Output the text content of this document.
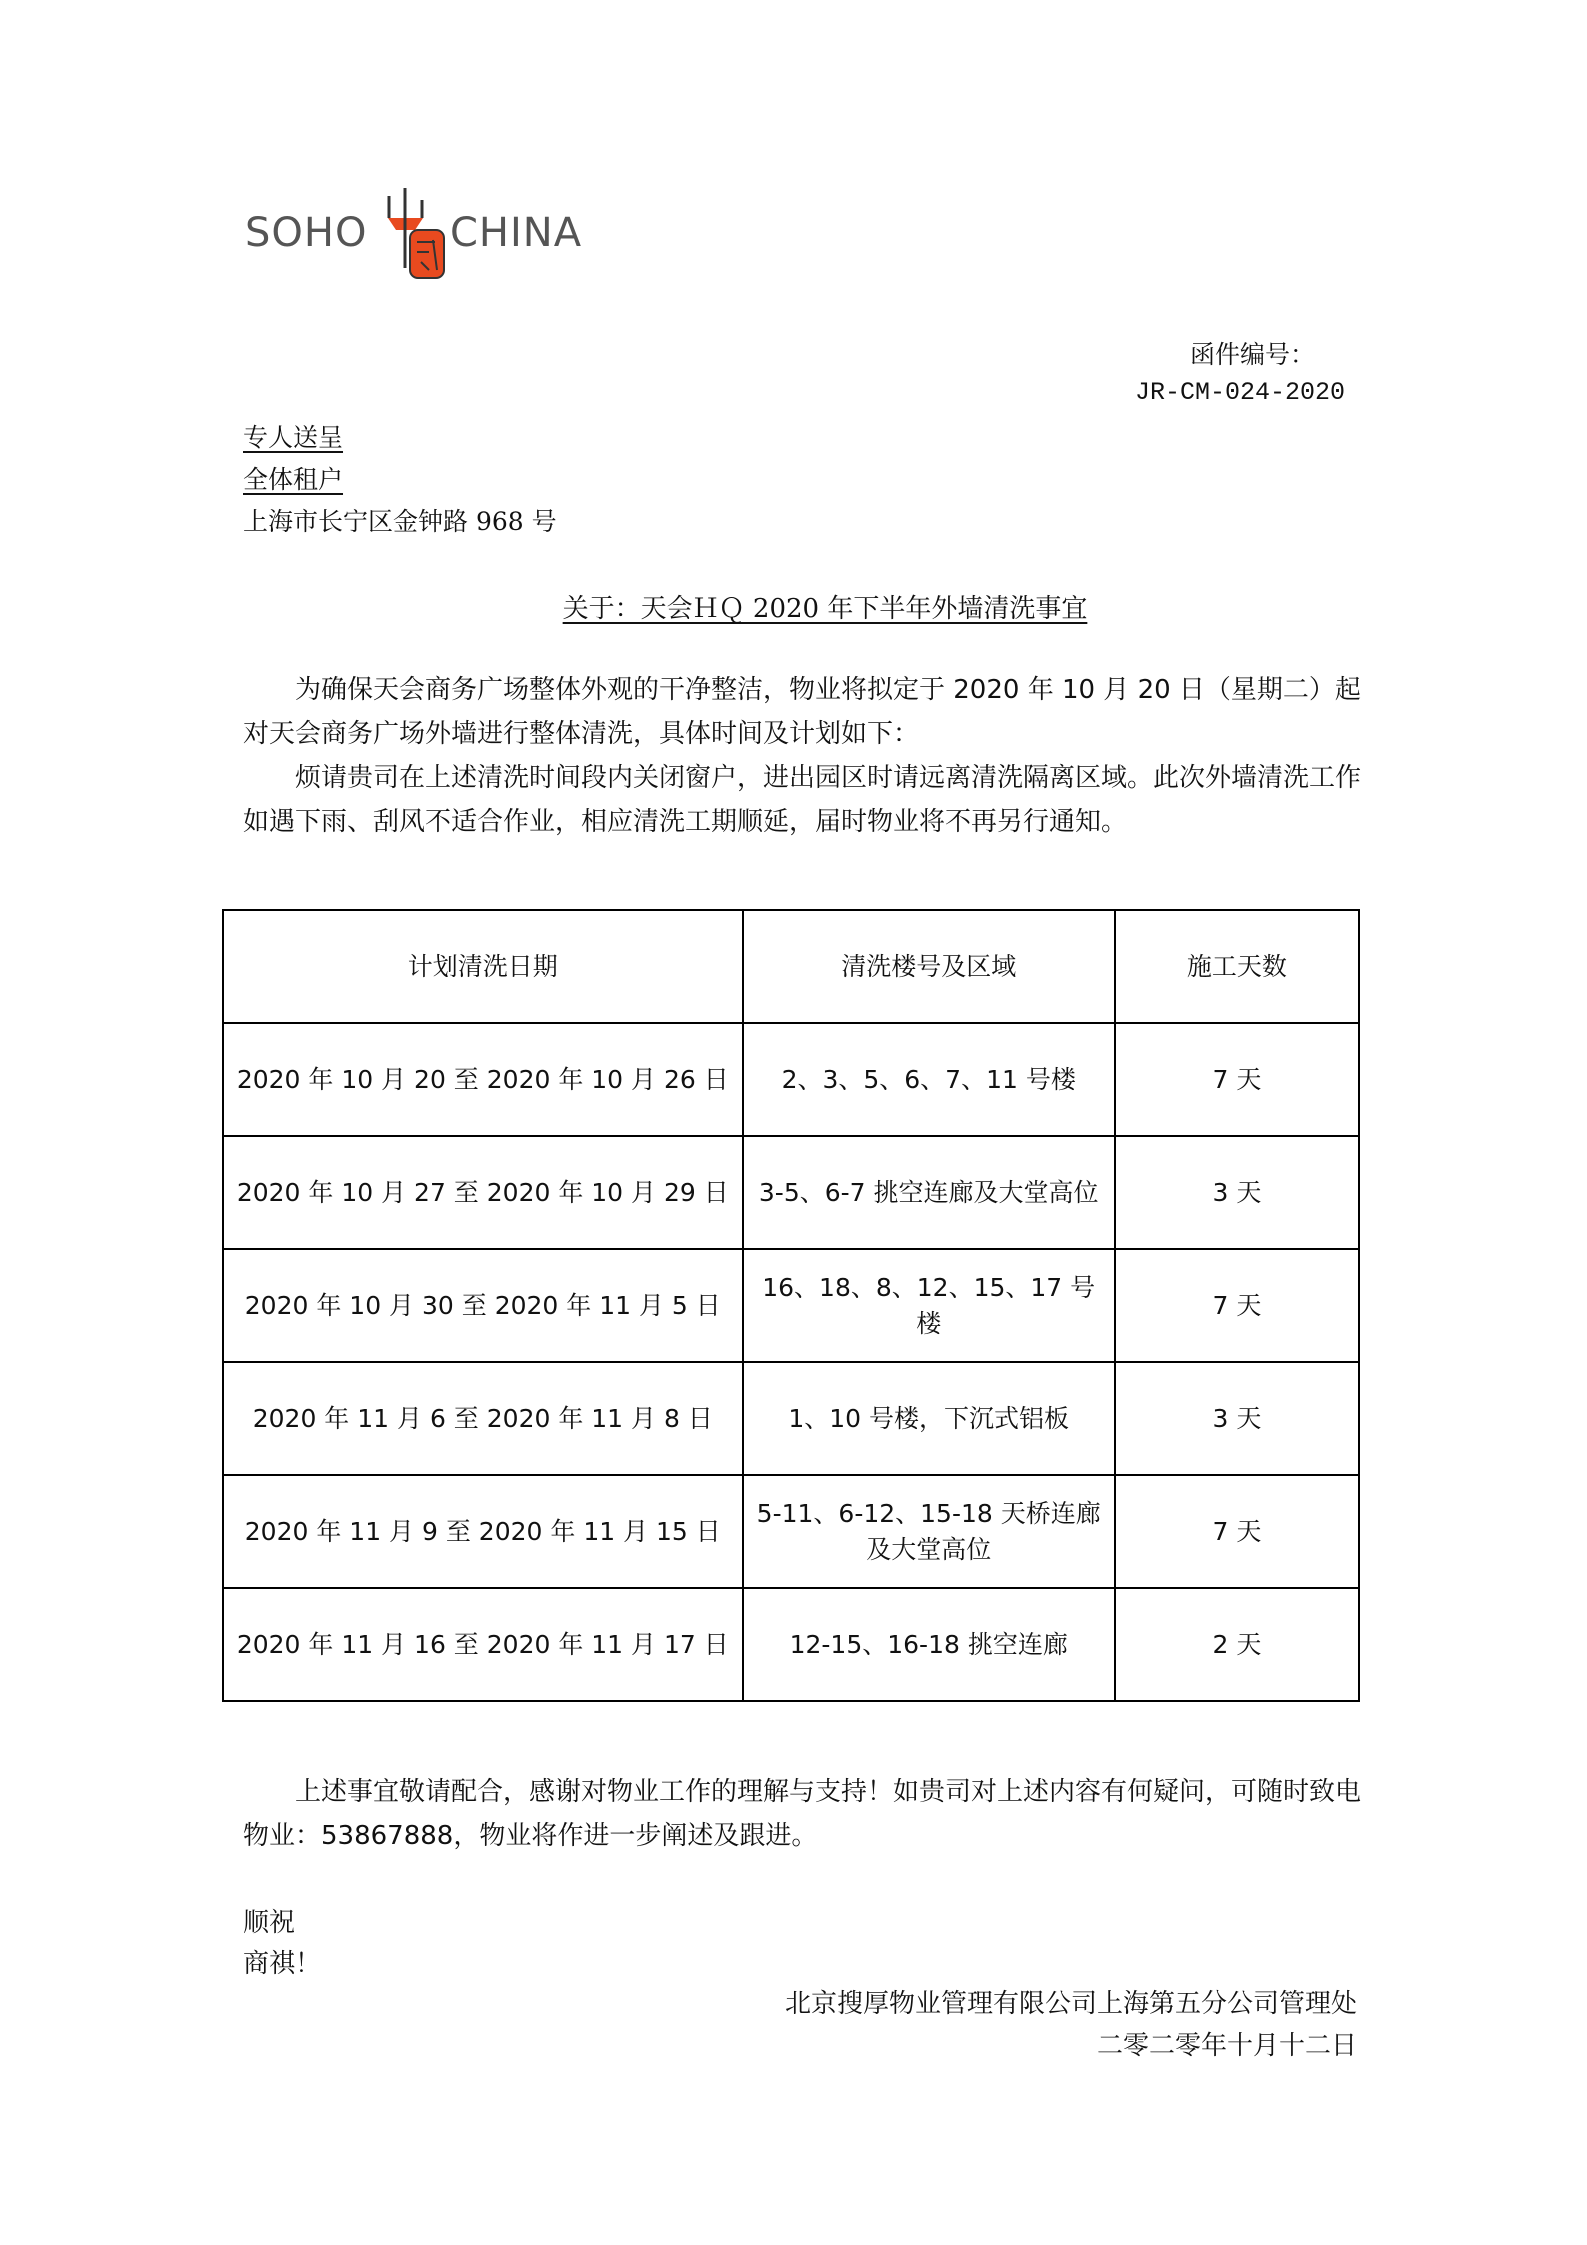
SOHO CHINA
函件编号：
JR-CM-024-2020
专人送呈
全体租户
上海市长宁区金钟路 968 号
关于：天会ＨＱ 2020 年下半年外墙清洗事宜

为确保天会商务广场整体外观的干净整洁，物业将拟定于 2020 年 10 月 20 日（星期二）起对天会商务广场外墙进行整体清洗，具体时间及计划如下：

烦请贵司在上述清洗时间段内关闭窗户，进出园区时请远离清洗隔离区域。此次外墙清洗工作如遇下雨、刮风不适合作业，相应清洗工期顺延，届时物业将不再另行通知。

计划清洗日期	清洗楼号及区域	施工天数
2020 年 10 月 20 至 2020 年 10 月 26 日	2、3、5、6、7、11 号楼	7 天
2020 年 10 月 27 至 2020 年 10 月 29 日	3-5、6-7 挑空连廊及大堂高位	3 天
2020 年 10 月 30 至 2020 年 11 月 5 日	16、18、8、12、15、17 号楼	7 天
2020 年 11 月 6 至 2020 年 11 月 8 日	1、10 号楼，下沉式铝板	3 天
2020 年 11 月 9 至 2020 年 11 月 15 日	5-11、6-12、15-18 天桥连廊及大堂高位	7 天
2020 年 11 月 16 至 2020 年 11 月 17 日	12-15、16-18 挑空连廊	2 天

上述事宜敬请配合，感谢对物业工作的理解与支持！如贵司对上述内容有何疑问，可随时致电物业：53867888，物业将作进一步阐述及跟进。

顺祝
商祺！
北京搜厚物业管理有限公司上海第五分公司管理处
二零二零年十月十二日
